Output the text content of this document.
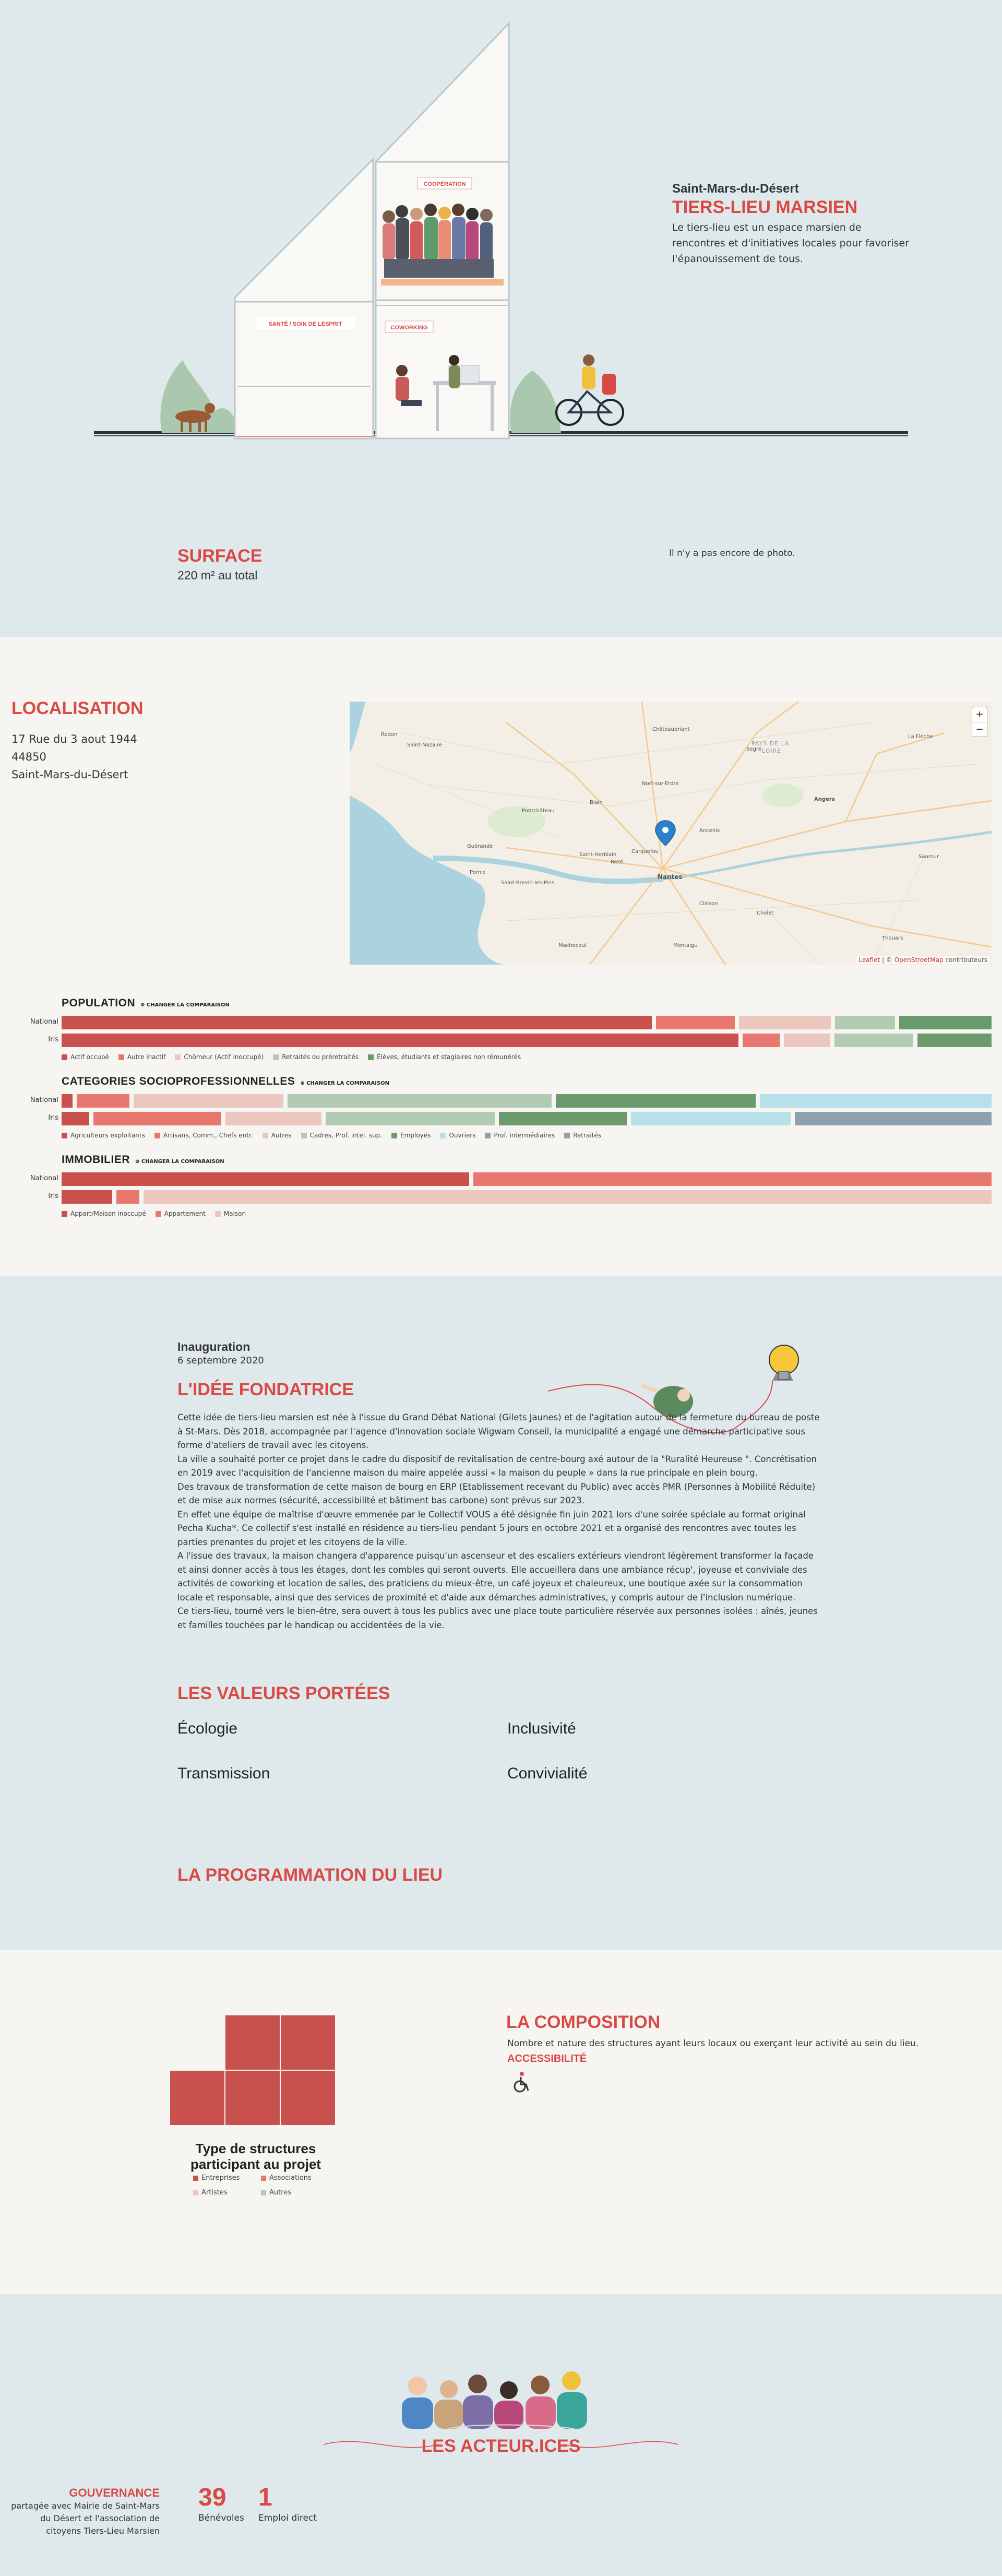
COOPÉRATION
SANTÉ / SOIN DE LESPRIT
COWORKING
Saint-Mars-du-Désert
TIERS-LIEU MARSIEN
Le tiers-lieu est un espace marsien de rencontres et d'initiatives locales pour favoriser l'épanouissement de tous.
SURFACE
220 m² au total
Il n'y a pas encore de photo.
LOCALISATION
17 Rue du 3 aout 1944
44850
Saint-Mars-du-Désert
Redon
Saint-Nazaire
Guérande
Pontchâteau
Blain
Nort-sur-Erdre
Ancenis
Nantes
Saint-Herblain
Carquefou
Châteaubriant
Segré
Angers
Cholet
Clisson
Machecoul
Pornic
Montaigu
Thouars
La Flèche
PAYS DE LA
LOIRE
Rezé
Saint-Brevin-les-Pins
Saumur
+
−
Leaflet | © OpenStreetMap contributeurs
POPULATION ⊕ CHANGER LA COMPARAISON
National
Iris
Actif occupé	Autre inactif	Chômeur (Actif inoccupé)	Retraités ou préretraités	Élèves, étudiants et stagiaires non rémunérés
CATEGORIES SOCIOPROFESSIONNELLES ⊕ CHANGER LA COMPARAISON
National
Iris
Agriculteurs exploitants	Artisans, Comm., Chefs entr.	Autres	Cadres, Prof. intel. sup.	Employés	Ouvriers	Prof. intermédiaires	Retraités
IMMOBILIER ⊕ CHANGER LA COMPARAISON
National
Iris
Appart/Maison inoccupé	Appartement	Maison
Inauguration
6 septembre 2020
L'IDÉE FONDATRICE

Cette idée de tiers-lieu marsien est née à l'issue du Grand Débat National (Gilets Jaunes) et de l'agitation autour de la fermeture du bureau de poste à St-Mars. Dès 2018, accompagnée par l'agence d'innovation sociale Wigwam Conseil, la municipalité a engagé une démarche participative sous forme d'ateliers de travail avec les citoyens.

La ville a souhaité porter ce projet dans le cadre du dispositif de revitalisation de centre-bourg axé autour de la "Ruralité Heureuse ". Concrétisation en 2019 avec l'acquisition de l'ancienne maison du maire appelée aussi « la maison du peuple » dans la rue principale en plein bourg.

Des travaux de transformation de cette maison de bourg en ERP (Etablissement recevant du Public) avec accès PMR (Personnes à Mobilité Réduite) et de mise aux normes (sécurité, accessibilité et bâtiment bas carbone) sont prévus sur 2023.

En effet une équipe de maîtrise d'œuvre emmenée par le Collectif VOUS a été désignée fin juin 2021 lors d'une soirée spéciale au format original Pecha Kucha*. Ce collectif s'est installé en résidence au tiers-lieu pendant 5 jours en octobre 2021 et a organisé des rencontres avec toutes les parties prenantes du projet et les citoyens de la ville.

A l'issue des travaux, la maison changera d'apparence puisqu'un ascenseur et des escaliers extérieurs viendront légèrement transformer la façade et ainsi donner accès à tous les étages, dont les combles qui seront ouverts. Elle accueillera dans une ambiance récup', joyeuse et conviviale des activités de coworking et location de salles, des praticiens du mieux-être, un café joyeux et chaleureux, une boutique axée sur la consommation locale et responsable, ainsi que des services de proximité et d'aide aux démarches administratives, y compris autour de l'inclusion numérique.

Ce tiers-lieu, tourné vers le bien-être, sera ouvert à tous les publics avec une place toute particulière réservée aux personnes isolées : aînés, jeunes et familles touchées par le handicap ou accidentées de la vie.

LES VALEURS PORTÉES
Écologie	Inclusivité
Transmission	Convivialité
LA PROGRAMMATION DU LIEU
Type de structures
participant au projet
Entreprises	Associations
Artistes	Autres
LA COMPOSITION
Nombre et nature des structures ayant leurs locaux ou exerçant leur activité au sein du lieu.
ACCESSIBILITÉ
LES ACTEUR.ICES
GOUVERNANCE
partagée avec Mairie de Saint-Mars du Désert et l'association de citoyens Tiers-Lieu Marsien
39
Bénévoles
1
Emploi direct
